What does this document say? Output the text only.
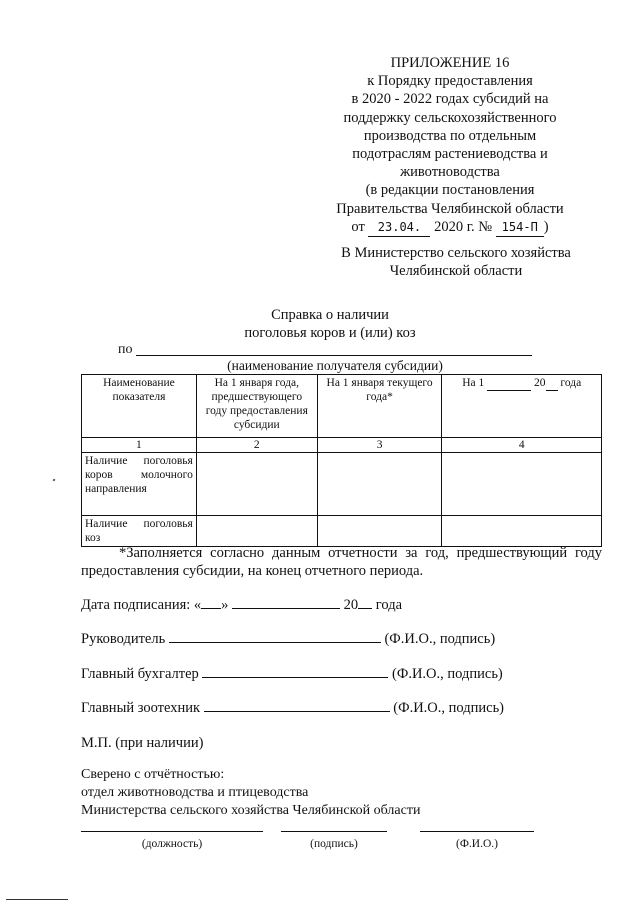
ПРИЛОЖЕНИЕ 16
к Порядку предоставления
в 2020 - 2022 годах субсидий на
поддержку сельскохозяйственного
производства по отдельным
подотраслям растениеводства и
животноводства
(в редакции постановления
Правительства Челябинской области
от 23.04. 2020 г. № 154-П )
В Министерство сельского хозяйства
Челябинской области
Справка о наличии
поголовья коров и (или) коз
по
(наименование получателя субсидии)
Наименование показателя	На 1 января года, предшествующего году предоставления субсидии	На 1 января текущего года*	На 1 20 года
1	2	3	4
Наличие поголовья коров молочного направления			
Наличие поголовья коз			
*Заполняется согласно данным отчетности за год, предшествующий году предоставления субсидии, на конец отчетного периода.
Дата подписания: « »	20 года
Руководитель	(Ф.И.О., подпись)
Главный бухгалтер	(Ф.И.О., подпись)
Главный зоотехник	(Ф.И.О., подпись)
М.П. (при наличии)
Сверено с отчётностью:
отдел животноводства и птицеводства
Министерства сельского хозяйства Челябинской области
(должность)	(подпись)	(Ф.И.О.)
